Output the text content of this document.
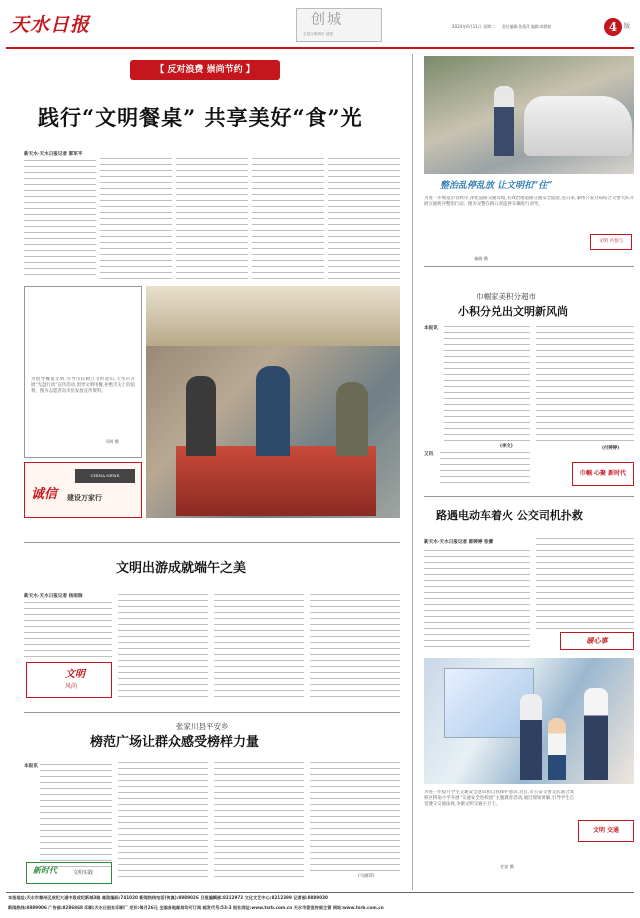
天水日报	创城
全国文明城市 创建
2024年6月11日 星期二 责任编辑:张燕萍 编辑:郭维秋	4	版
【 反对浪费 崇尚节约 】
践行“文明餐桌” 共享美好“食”光
新天水·天水日报记者 郭军平
为倡导餐桌文明,引导市民树立节约意识,天水市开展“光盘行动”宣传活动,倡导文明用餐,拒绝舌尖上的浪费。图为志愿者向市民发放宣传资料。
马明 摄
CHINA NEWS
诚信 建设万家行
文明出游成就端午之美
新天水·天水日报记者 杨雨瑞
文明
风尚
张家川县平安乡
榜范广场让群众感受榜样力量
本报讯
新时代	文明实践
(马丽萍)
整治乱停乱放 让文明扣“住”
为进一步规范市容秩序,净化道路交通环境,有效治理道路交通安全隐患,连日来,秦州公安分局结合交警大队开展交通秩序整治行动。图为交警在路口对违停车辆进行劝导。
文明 共参与
秦晓 摄
巾帼家美积分超市
小积分兑出文明新风尚
本报讯
(李文)
又讯
(付婷婷)
巾帼 心聚 新时代
路遇电动车着火 公交司机扑救
新天水·天水日报记者 郭婷婷 张蕾
暖心事
为进一步提升学生交通安全意识和自我保护意识,近日,市公安交警支队联合麦积区桥南小学开展“交通安全进校园”主题教育活动,通过现场讲解,引导学生自觉遵守交通法规,争做文明交通小卫士。
文明 交通
甘安 摄
本报地址:天水市秦州区成纪大道中段成纪新城3路 邮政编码:741020 新闻热线电话(传真):8889026 日报编辑部:8212972 文化文艺中心:8212389 记者部:8889030
新闻热线:8889006 广告部:8286868 印刷:天水日报社印刷厂 定价:每月26元 全国各地邮局均可订阅 邮发代号:53-3 报社网址:www.tsrb.com.cn 天水市委宣传部主管 网站:www.tsrb.com.cn
